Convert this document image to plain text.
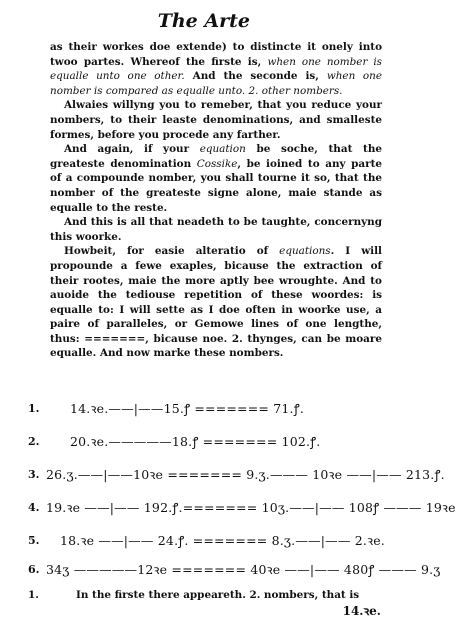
The Arte

as their workes doe extende) to distincte it onely into twoo partes. Whereof the firste is, when one nomber is equalle unto one other. And the seconde is, when one nomber is compared as equalle unto. 2. other nombers.

Alwaies willyng you to remeber, that you reduce your nombers, to their leaste denominations, and smalleste formes, before you procede any farther.

And again, if your equation be soche, that the greateste denomination Cossike, be ioined to any parte of a compounde nomber, you shall tourne it so, that the nomber of the greateste signe alone, maie stande as equalle to the reste.

And this is all that neadeth to be taughte, concernyng this woorke.

Howbeit, for easie alteratio of equations. I will propounde a fewe exaples, bicause the extraction of their rootes, maie the more aptly bee wroughte. And to auoide the tediouse repetition of these woordes: is equalle to: I will sette as I doe often in woorke use, a paire of paralleles, or Gemowe lines of one lengthe, thus: =======, bicause noe. 2. thynges, can be moare equalle. And now marke these nombers.

1. 14.ꝛe.——|——15.ꝭ ======= 71.ꝭ.
2. 20.ꝛe.—————18.ꝭ ======= 102.ꝭ.
3. 26.ʒ.——|——10ꝛe ======= 9.ʒ.——— 10ꝛe ——|—— 213.ꝭ.
4. 19.ꝛe ——|—— 192.ꝭ.======= 10ʒ.——|—— 108ꝭ ——— 19ꝛe
5. 18.ꝛe ——|—— 24.ꝭ. ======= 8.ʒ.——|—— 2.ꝛe.
6. 34ʒ —————12ꝛe ======= 40ꝛe ——|—— 480ꝭ ——— 9.ʒ
1.	In the firste there appeareth. 2. nombers, that is
14.ꝛe.
